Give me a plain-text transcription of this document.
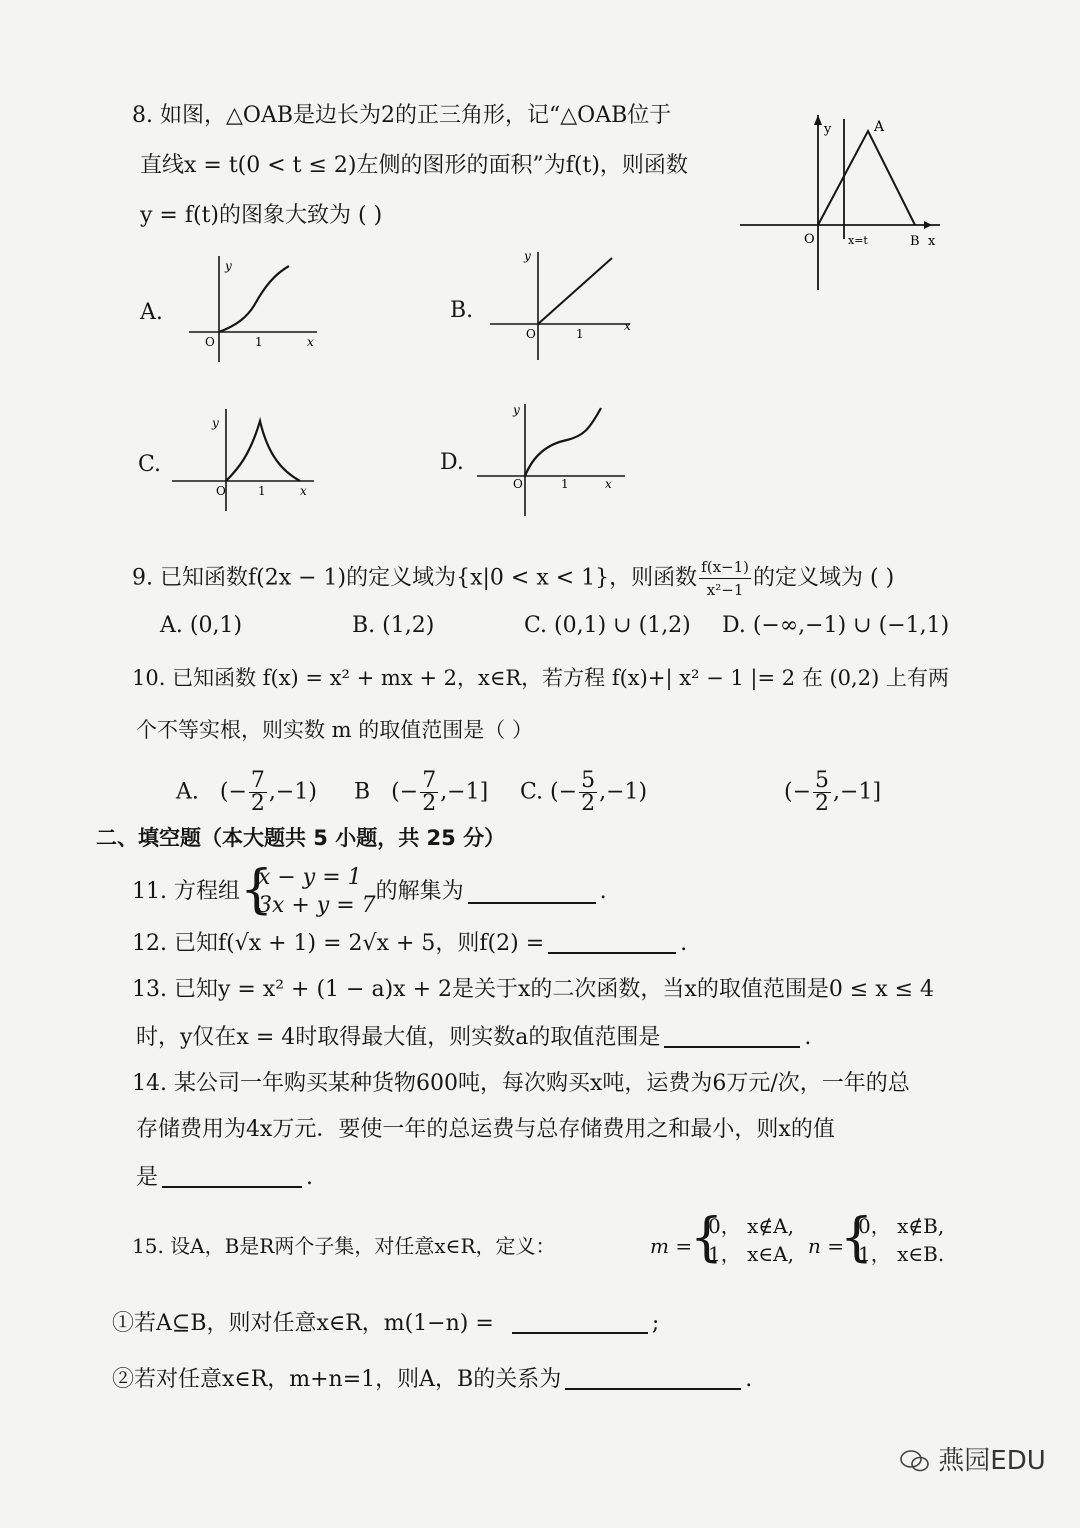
8. 如图，△OAB是边长为2的正三角形，记“△OAB位于
直线x = t(0 < t ≤ 2)左侧的图形的面积”为f(t)，则函数
y = f(t)的图象大致为 ( )
y	A
O	x=t	B x
A.
O	1	x
y
B.
O	1
x
y
C.
O	1	x
y
D.
O	1	x
y
9. 已知函数f(2x − 1)的定义域为{x|0 < x < 1}，则函数 $\frac{f(x-1)}{\text{x²−1}}$ 的定义域为 ( )
A. (0,1)	B. (1,2)	C. (0,1) ∪ (1,2) D. (−∞,−1) ∪ (−1,1)
10. 已知函数 f(x) = x² + mx + 2，x∈R，若方程 f(x)+| x² − 1 |= 2 在 (0,2) 上有两
个不等实根，则实数 m 的取值范围是（ ）
A. (− $\frac{7}{2} ,-1$) B (− $\frac{7}{2} ,-1$] C. (− $\frac{5}{2} ,-1$)	(− $\frac{5}{2} ,-1$]
二、填空题（本大题共 5 小题，共 25 分）
11. 方程组 {
x − y = 1
3x + y = 7
的解集为	.
12. 已知f(√x + 1) = 2√x + 5，则f(2) =	.
13. 已知y = x² + (1 − a)x + 2是关于x的二次函数，当x的取值范围是0 ≤ x ≤ 4
时，y仅在x = 4时取得最大值，则实数a的取值范围是	.
14. 某公司一年购买某种货物600吨，每次购买x吨，运费为6万元/次，一年的总
存储费用为4x万元．要使一年的总运费与总存储费用之和最小，则x的值
是	.
15. 设A，B是R两个子集，对任意x∈R，定义：	m =
{
0， x∉A,
1， x∈A, n =
{
0， x∉B,
1， x∈B.
①若A⊆B，则对任意x∈R，m(1−n) =	;
②若对任意x∈R，m+n=1，则A，B的关系为	.
燕园EDU
